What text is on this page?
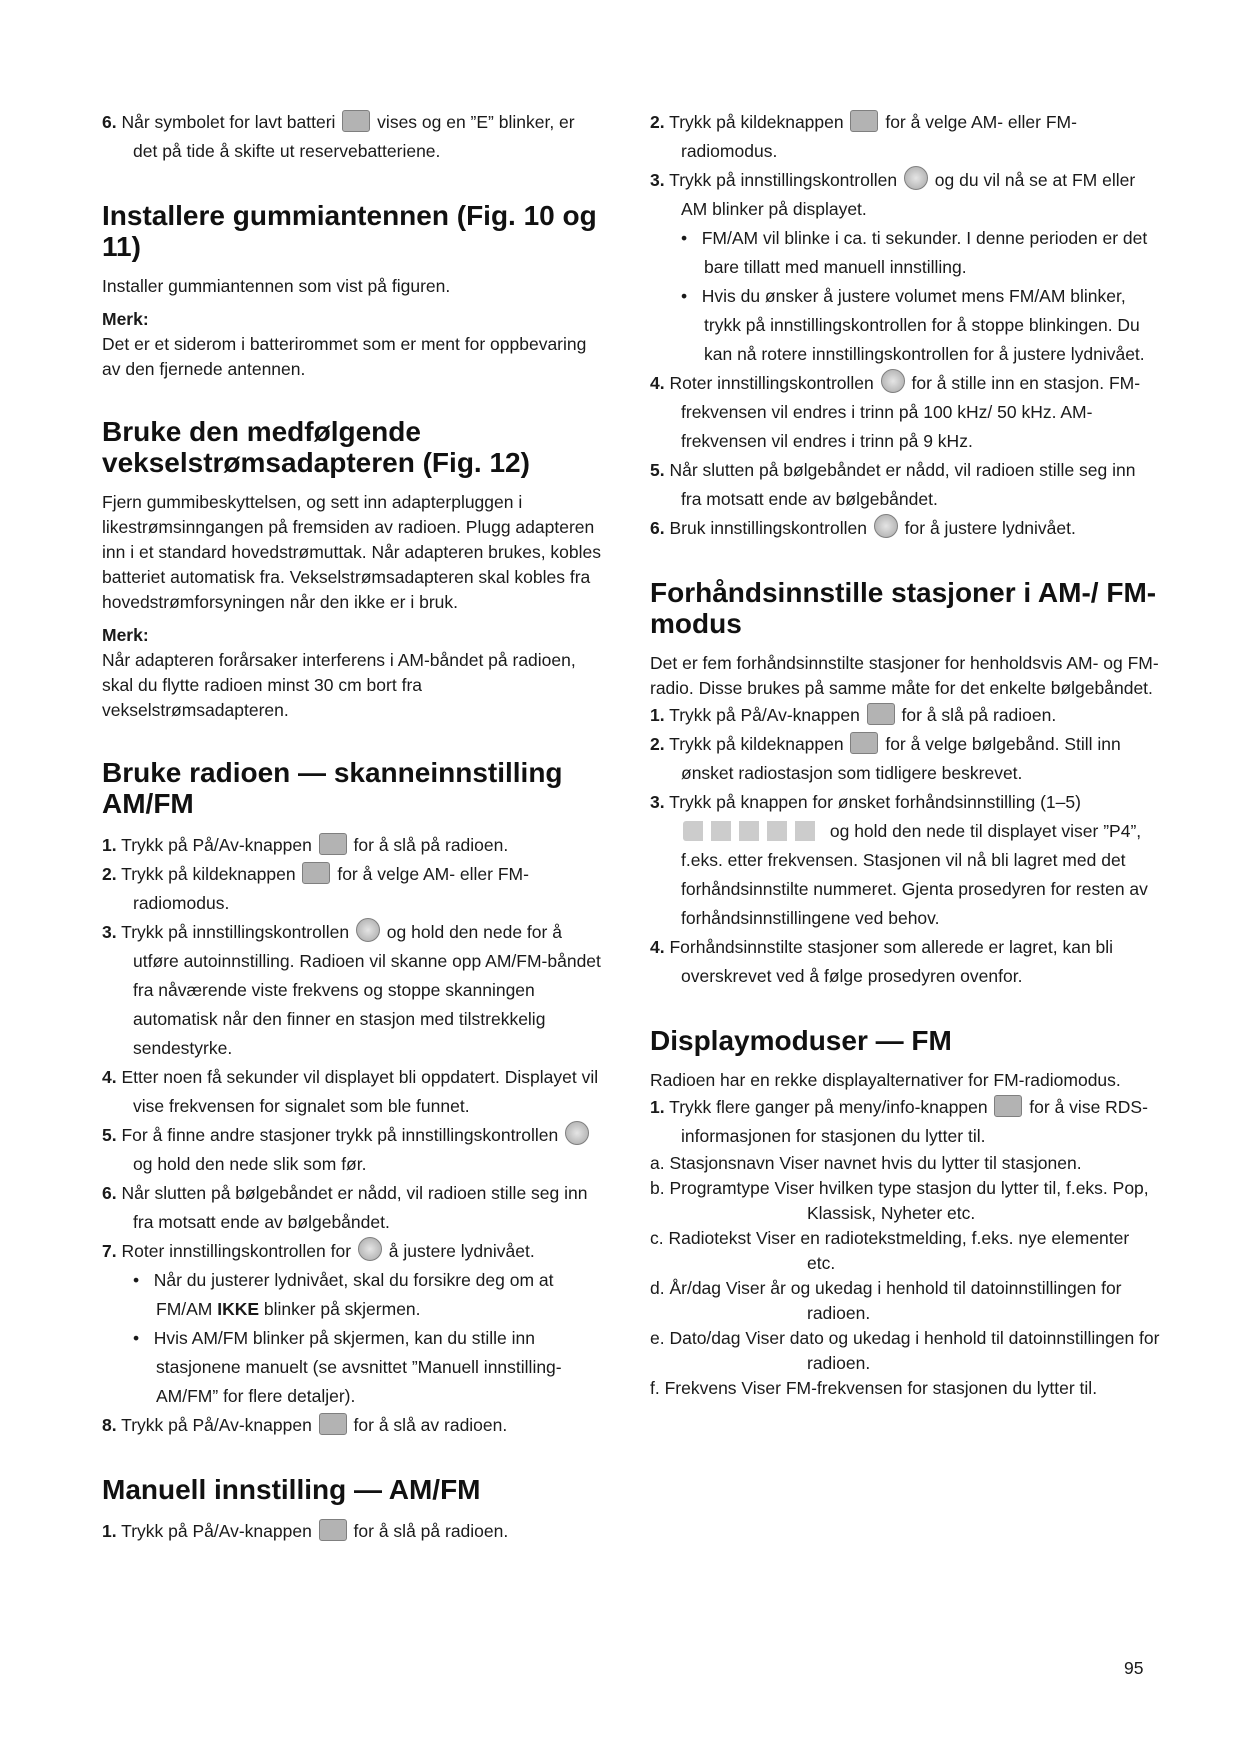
6. Når symbolet for lavt batteri  vises og en ”E” blinker, er det på tide å skifte ut reservebatteriene.

Installere gummiantennen (Fig. 10 og 11)

Installer gummiantennen som vist på figuren.

Merk:

Det er et siderom i batterirommet som er ment for oppbevaring av den fjernede antennen.

Bruke den medfølgende vekselstrømsadapteren (Fig. 12)

Fjern gummibeskyttelsen, og sett inn adapterpluggen i likestrømsinngangen på fremsiden av radioen. Plugg adapteren inn i et standard hovedstrømuttak. Når adapteren brukes, kobles batteriet automatisk fra. Vekselstrømsadapteren skal kobles fra hovedstrømforsyningen når den ikke er i bruk.

Merk:

Når adapteren forårsaker interferens i AM-båndet på radioen, skal du flytte radioen minst 30 cm bort fra vekselstrømsadapteren.

Bruke radioen — skanneinnstilling AM/FM

1. Trykk på På/Av-knappen  for å slå på radioen.

2. Trykk på kildeknappen  for å velge AM- eller FM-radiomodus.

3. Trykk på innstillingskontrollen  og hold den nede for å utføre autoinnstilling. Radioen vil skanne opp AM/FM-båndet fra nåværende viste frekvens og stoppe skanningen automatisk når den finner en stasjon med tilstrekkelig sendestyrke.

4. Etter noen få sekunder vil displayet bli oppdatert. Displayet vil vise frekvensen for signalet som ble funnet.

5. For å finne andre stasjoner trykk på innstillingskontrollen  og hold den nede slik som før.

6. Når slutten på bølgebåndet er nådd, vil radioen stille seg inn fra motsatt ende av bølgebåndet.

7. Roter innstillingskontrollen for  å justere lydnivået.

•   Når du justerer lydnivået, skal du forsikre deg om at FM/AM IKKE blinker på skjermen.

•   Hvis AM/FM blinker på skjermen, kan du stille inn stasjonene manuelt (se avsnittet ”Manuell innstilling-AM/FM” for flere detaljer).

8. Trykk på På/Av-knappen  for å slå av radioen.

Manuell innstilling — AM/FM

1. Trykk på På/Av-knappen  for å slå på radioen.

2. Trykk på kildeknappen  for å velge AM- eller FM-radiomodus.

3. Trykk på innstillingskontrollen  og du vil nå se at FM eller AM blinker på displayet.

•   FM/AM vil blinke i ca. ti sekunder. I denne perioden er det bare tillatt med manuell innstilling.

•   Hvis du ønsker å justere volumet mens FM/AM blinker, trykk på innstillingskontrollen for å stoppe blinkingen. Du kan nå rotere innstillingskontrollen for å justere lydnivået.

4. Roter innstillingskontrollen  for å stille inn en stasjon. FM-frekvensen vil endres i trinn på 100 kHz/ 50 kHz. AM-frekvensen vil endres i trinn på 9 kHz.

5. Når slutten på bølgebåndet er nådd, vil radioen stille seg inn fra motsatt ende av bølgebåndet.

6. Bruk innstillingskontrollen  for å justere lydnivået.

Forhåndsinnstille stasjoner i AM-/ FM-modus

Det er fem forhåndsinnstilte stasjoner for henholdsvis AM- og FM-radio. Disse brukes på samme måte for det enkelte bølgebåndet.

1. Trykk på På/Av-knappen  for å slå på radioen.

2. Trykk på kildeknappen  for å velge bølgebånd. Still inn ønsket radiostasjon som tidligere beskrevet.

3. Trykk på knappen for ønsket forhåndsinnstilling (1–5)  og hold den nede til displayet viser ”P4”, f.eks. etter frekvensen. Stasjonen vil nå bli lagret med det forhåndsinnstilte nummeret. Gjenta prosedyren for resten av forhåndsinnstillingene ved behov.

4. Forhåndsinnstilte stasjoner som allerede er lagret, kan bli overskrevet ved å følge prosedyren ovenfor.

Displaymoduser — FM

Radioen har en rekke displayalternativer for FM-radiomodus.

1. Trykk flere ganger på meny/info-knappen  for å vise RDS-informasjonen for stasjonen du lytter til.

a. Stasjonsnavn Viser navnet hvis du lytter til stasjonen.

b. Programtype Viser hvilken type stasjon du lytter til, f.eks. Pop, Klassisk, Nyheter etc.

c. Radiotekst Viser en radiotekstmelding, f.eks. nye elementer etc.

d. År/dag Viser år og ukedag i henhold til datoinnstillingen for radioen.

e. Dato/dag Viser dato og ukedag i henhold til datoinnstillingen for radioen.

f. Frekvens Viser FM-frekvensen for stasjonen du lytter til.

95
